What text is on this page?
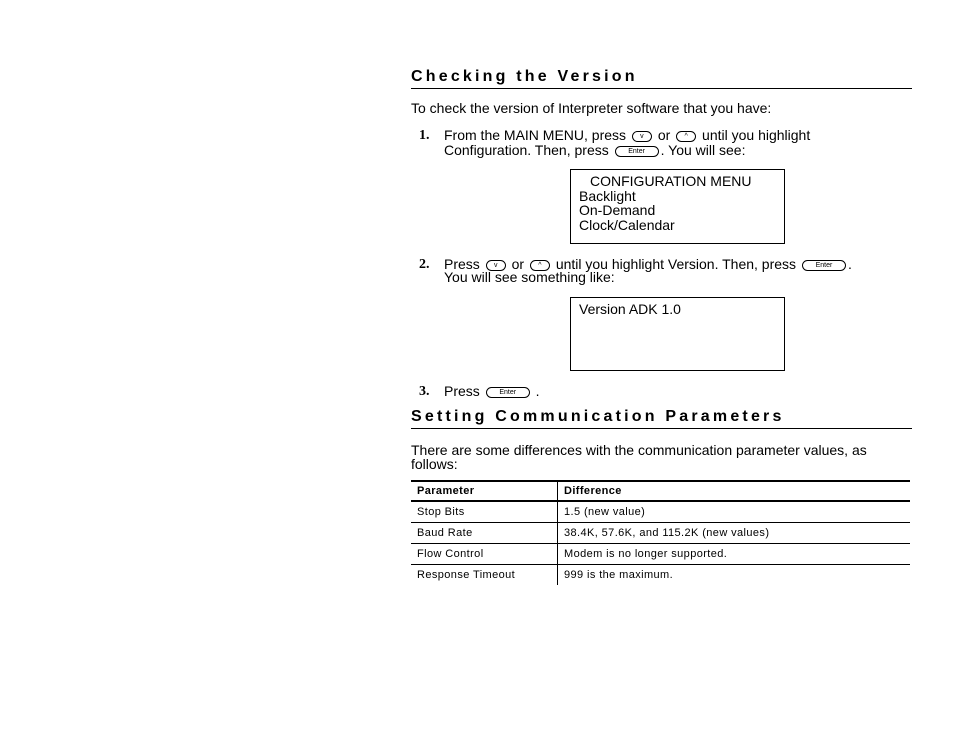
Checking the Version
To check the version of Interpreter software that you have:
1. From the MAIN MENU, press v or ^ until you highlight
Configuration. Then, press	Enter . You will see:
CONFIGURATION MENU
Backlight
On-Demand
Clock/Calendar
2. Press v or ^ until you highlight Version. Then, press	Enter .
You will see something like:
Version ADK 1.0
3. Press	Enter .
Setting Communication Parameters
There are some differences with the communication parameter values, as
follows:
Parameter	Difference
Stop Bits	1.5 (new value)
Baud Rate	38.4K, 57.6K, and 115.2K (new values)
Flow Control	Modem is no longer supported.
Response Timeout	999 is the maximum.
